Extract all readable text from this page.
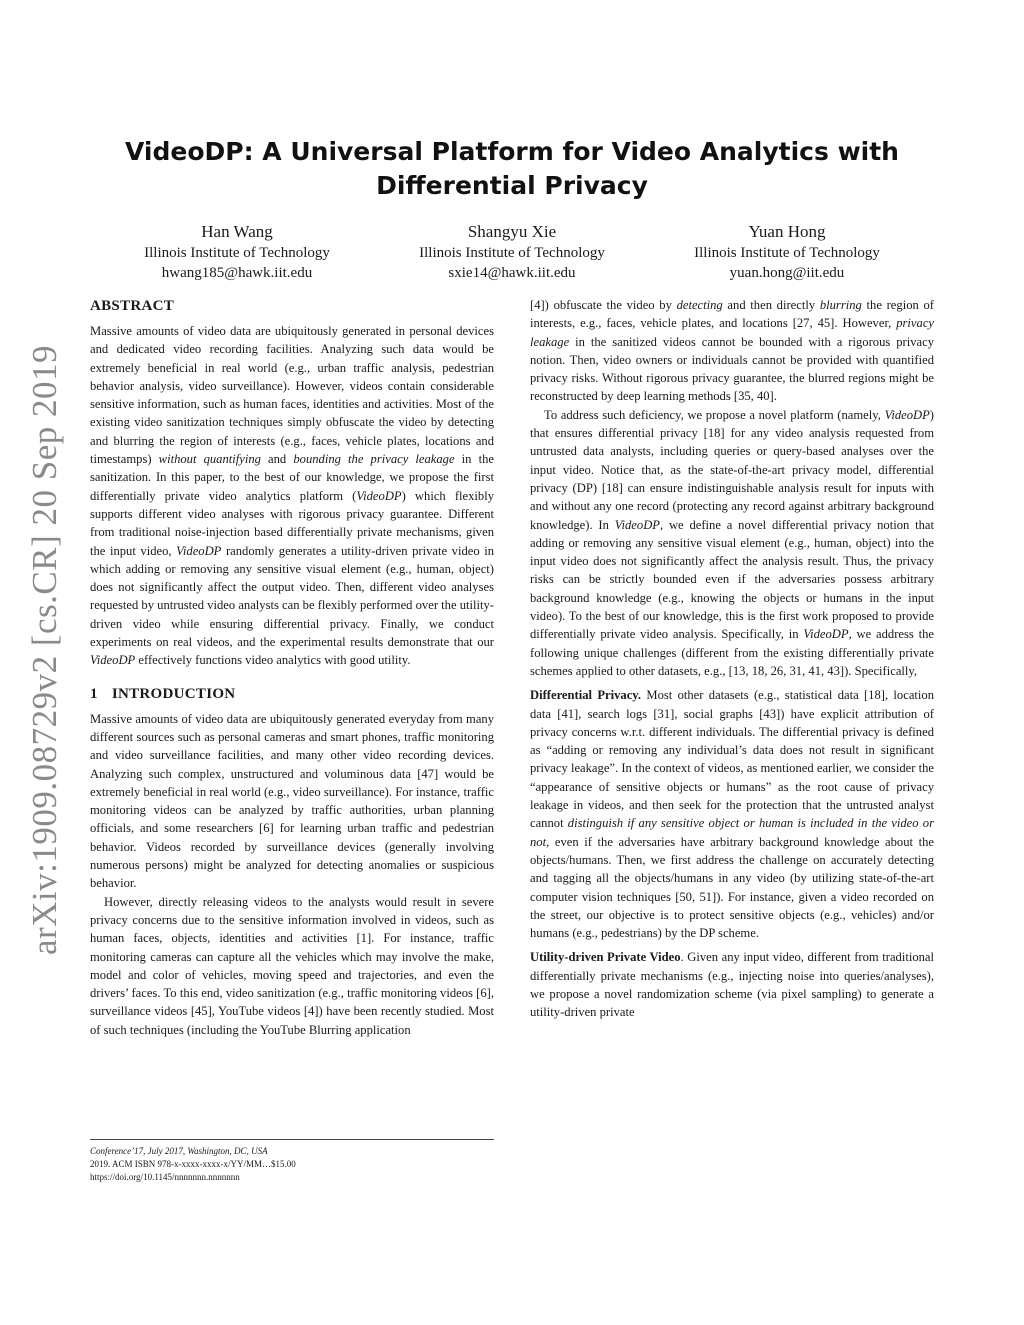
arXiv:1909.08729v2 [cs.CR] 20 Sep 2019
VideoDP: A Universal Platform for Video Analytics with Differential Privacy
Han Wang
Illinois Institute of Technology
hwang185@hawk.iit.edu
Shangyu Xie
Illinois Institute of Technology
sxie14@hawk.iit.edu
Yuan Hong
Illinois Institute of Technology
yuan.hong@iit.edu
ABSTRACT

Massive amounts of video data are ubiquitously generated in personal devices and dedicated video recording facilities. Analyzing such data would be extremely beneficial in real world (e.g., urban traffic analysis, pedestrian behavior analysis, video surveillance). However, videos contain considerable sensitive information, such as human faces, identities and activities. Most of the existing video sanitization techniques simply obfuscate the video by detecting and blurring the region of interests (e.g., faces, vehicle plates, locations and timestamps) without quantifying and bounding the privacy leakage in the sanitization. In this paper, to the best of our knowledge, we propose the first differentially private video analytics platform (VideoDP) which flexibly supports different video analyses with rigorous privacy guarantee. Different from traditional noise-injection based differentially private mechanisms, given the input video, VideoDP randomly generates a utility-driven private video in which adding or removing any sensitive visual element (e.g., human, object) does not significantly affect the output video. Then, different video analyses requested by untrusted video analysts can be flexibly performed over the utility-driven video while ensuring differential privacy. Finally, we conduct experiments on real videos, and the experimental results demonstrate that our VideoDP effectively functions video analytics with good utility.

1 INTRODUCTION

Massive amounts of video data are ubiquitously generated everyday from many different sources such as personal cameras and smart phones, traffic monitoring and video surveillance facilities, and many other video recording devices. Analyzing such complex, unstructured and voluminous data [47] would be extremely beneficial in real world (e.g., video surveillance). For instance, traffic monitoring videos can be analyzed by traffic authorities, urban planning officials, and some researchers [6] for learning urban traffic and pedestrian behavior. Videos recorded by surveillance devices (generally involving numerous persons) might be analyzed for detecting anomalies or suspicious behavior.

However, directly releasing videos to the analysts would result in severe privacy concerns due to the sensitive information involved in videos, such as human faces, objects, identities and activities [1]. For instance, traffic monitoring cameras can capture all the vehicles which may involve the make, model and color of vehicles, moving speed and trajectories, and even the drivers’ faces. To this end, video sanitization (e.g., traffic monitoring videos [6], surveillance videos [45], YouTube videos [4]) have been recently studied. Most of such techniques (including the YouTube Blurring application

[4]) obfuscate the video by detecting and then directly blurring the region of interests, e.g., faces, vehicle plates, and locations [27, 45]. However, privacy leakage in the sanitized videos cannot be bounded with a rigorous privacy notion. Then, video owners or individuals cannot be provided with quantified privacy risks. Without rigorous privacy guarantee, the blurred regions might be reconstructed by deep learning methods [35, 40].

To address such deficiency, we propose a novel platform (namely, VideoDP) that ensures differential privacy [18] for any video analysis requested from untrusted data analysts, including queries or query-based analyses over the input video. Notice that, as the state-of-the-art privacy model, differential privacy (DP) [18] can ensure indistinguishable analysis result for inputs with and without any one record (protecting any record against arbitrary background knowledge). In VideoDP, we define a novel differential privacy notion that adding or removing any sensitive visual element (e.g., human, object) into the input video does not significantly affect the analysis result. Thus, the privacy risks can be strictly bounded even if the adversaries possess arbitrary background knowledge (e.g., knowing the objects or humans in the input video). To the best of our knowledge, this is the first work proposed to provide differentially private video analysis. Specifically, in VideoDP, we address the following unique challenges (different from the existing differentially private schemes applied to other datasets, e.g., [13, 18, 26, 31, 41, 43]). Specifically,

Differential Privacy. Most other datasets (e.g., statistical data [18], location data [41], search logs [31], social graphs [43]) have explicit attribution of privacy concerns w.r.t. different individuals. The differential privacy is defined as “adding or removing any individual’s data does not result in significant privacy leakage”. In the context of videos, as mentioned earlier, we consider the “appearance of sensitive objects or humans” as the root cause of privacy leakage in videos, and then seek for the protection that the untrusted analyst cannot distinguish if any sensitive object or human is included in the video or not, even if the adversaries have arbitrary background knowledge about the objects/humans. Then, we first address the challenge on accurately detecting and tagging all the objects/humans in any video (by utilizing state-of-the-art computer vision techniques [50, 51]). For instance, given a video recorded on the street, our objective is to protect sensitive objects (e.g., vehicles) and/or humans (e.g., pedestrians) by the DP scheme.

Utility-driven Private Video. Given any input video, different from traditional differentially private mechanisms (e.g., injecting noise into queries/analyses), we propose a novel randomization scheme (via pixel sampling) to generate a utility-driven private

Conference’17, July 2017, Washington, DC, USA
2019. ACM ISBN 978-x-xxxx-xxxx-x/YY/MM…$15.00
https://doi.org/10.1145/nnnnnnn.nnnnnnn
